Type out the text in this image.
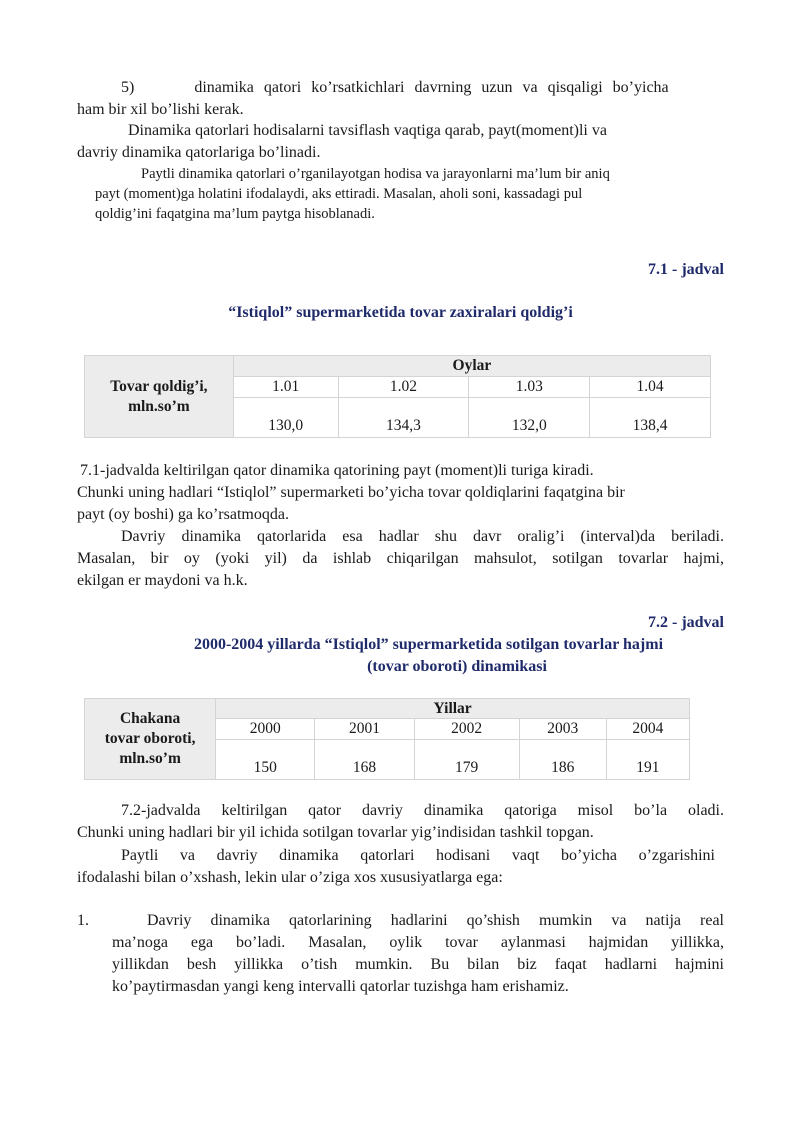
5)            dinamika  qatori  ko’rsatkichlari  davrning  uzun  va  qisqaligi  bo’yicha
ham bir xil bo’lishi kerak.
Dinamika qatorlari hodisalarni tavsiflash vaqtiga qarab, payt(moment)li va
davriy dinamika qatorlariga bo’linadi.
Paytli dinamika qatorlari o’rganilayotgan hodisa va jarayonlarni ma’lum bir aniq
payt (moment)ga holatini ifodalaydi, aks ettiradi. Masalan, aholi soni, kassadagi pul
qoldig’ini faqatgina ma’lum paytga hisoblanadi.
7.1 - jadval
“Istiqlol” supermarketida tovar zaxiralari qoldig’i
Tovar qoldig’i,
mln.so’m	Oylar			
	1.01	1.02	1.03	1.04
	130,0	134,3	132,0	138,4
7.1-jadvalda keltirilgan qator dinamika qatorining payt (moment)li turiga kiradi.
Chunki uning hadlari “Istiqlol” supermarketi bo’yicha tovar qoldiqlarini faqatgina bir
payt (oy boshi) ga ko’rsatmoqda.
Davriy dinamika qatorlarida esa hadlar shu davr oralig’i (interval)da beriladi.
Masalan, bir oy (yoki yil) da ishlab chiqarilgan mahsulot, sotilgan tovarlar hajmi,
ekilgan er maydoni va h.k.
7.2 - jadval
2000-2004 yillarda “Istiqlol” supermarketida sotilgan tovarlar hajmi
(tovar oboroti) dinamikasi
Chakana
tovar oboroti,
mln.so’m	Yillar				
	2000	2001	2002	2003	2004
	150	168	179	186	191
7.2-jadvalda keltirilgan qator davriy dinamika qatoriga misol bo’la oladi.
Chunki uning hadlari bir yil ichida sotilgan tovarlar yig’indisidan tashkil topgan.
Paytli va davriy dinamika qatorlari hodisani vaqt bo’yicha o’zgarishini
ifodalashi bilan o’xshash, lekin ular o’ziga xos xususiyatlarga ega:
1.	Davriy dinamika qatorlarining hadlarini qo’shish mumkin va natija real
ma’noga ega bo’ladi. Masalan, oylik tovar aylanmasi hajmidan yillikka,
yillikdan besh yillikka o’tish mumkin. Bu bilan biz faqat hadlarni hajmini
ko’paytirmasdan yangi keng intervalli qatorlar tuzishga ham erishamiz.
